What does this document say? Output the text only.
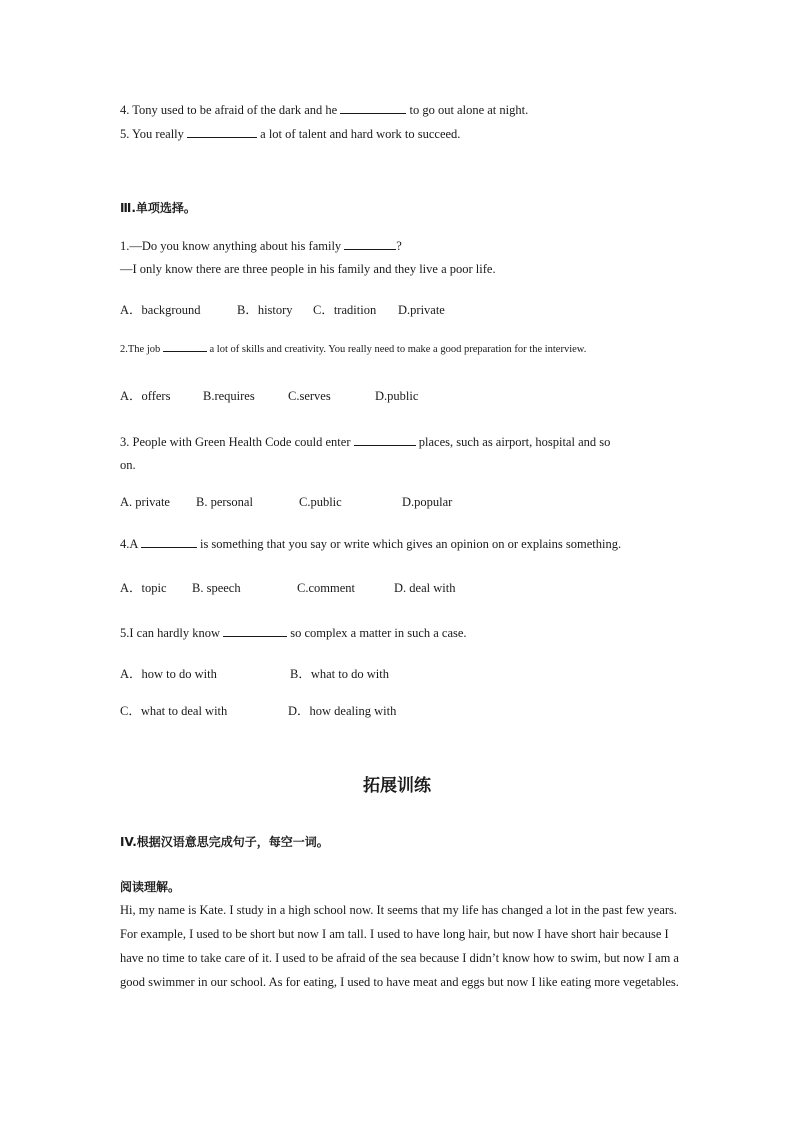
4. Tony used to be afraid of the dark and he	to go out alone at night.
5. You really	a lot of talent and hard work to succeed.
Ⅲ.单项选择。
1.—Do you know anything about his family	?
—I only know there are three people in his family and they live a poor life.
A．background	B．history C．tradition D.private
2.The job	a lot of skills and creativity. You really need to make a good preparation for the interview.
A．offers	B.requires	C.serves	D.public
3. People with Green Health Code could enter	places, such as airport, hospital and so
on.
A. private B. personal	C.public	D.popular
4.A	is something that you say or write which gives an opinion on or explains something.
A．topic B. speech	C.comment	D. deal with
5.I can hardly know	so complex a matter in such a case.
A．how to do with	B．what to do with
C．what to deal with	D．how dealing with
拓展训练
IV.根据汉语意思完成句子，每空一词。
阅读理解。
Hi, my name is Kate. I study in a high school now. It seems that my life has changed a lot in the past few years. For example, I used to be short but now I am tall. I used to have long hair, but now I have short hair because I have no time to take care of it. I used to be afraid of the sea because I didn’t know how to swim, but now I am a good swimmer in our school. As for eating, I used to have meat and eggs but now I like eating more vegetables.
